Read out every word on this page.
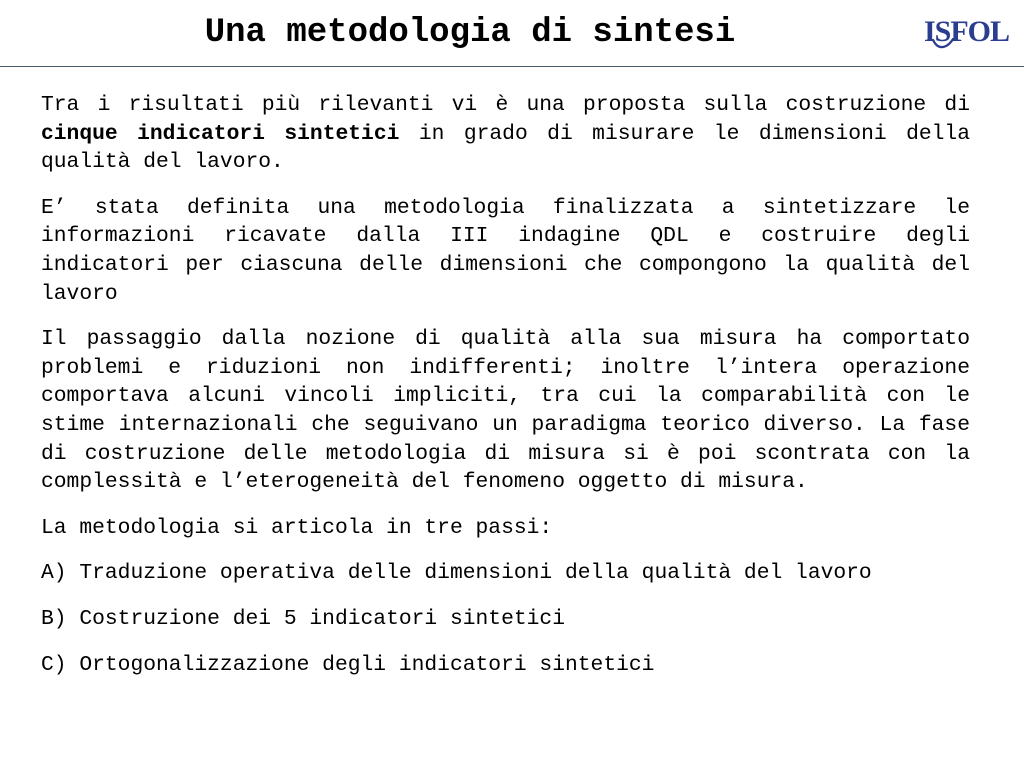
Una metodologia di sintesi	ISFOL

Tra i risultati più rilevanti vi è una proposta sulla costruzione di cinque indicatori sintetici in grado di misurare le dimensioni della qualità del lavoro.

E’ stata definita una metodologia finalizzata a sintetizzare le informazioni ricavate dalla III indagine QDL e costruire degli indicatori per ciascuna delle dimensioni che compongono la qualità del lavoro

Il passaggio dalla nozione di qualità alla sua misura ha comportato problemi e riduzioni non indifferenti; inoltre l’intera operazione comportava alcuni vincoli impliciti, tra cui la comparabilità con le stime internazionali che seguivano un paradigma teorico diverso. La fase di costruzione delle metodologia di misura si è poi scontrata con la complessità e l’eterogeneità del fenomeno oggetto di misura.

La metodologia si articola in tre passi:

A) Traduzione operativa delle dimensioni della qualità del lavoro

B) Costruzione dei 5 indicatori sintetici

C) Ortogonalizzazione degli indicatori sintetici
